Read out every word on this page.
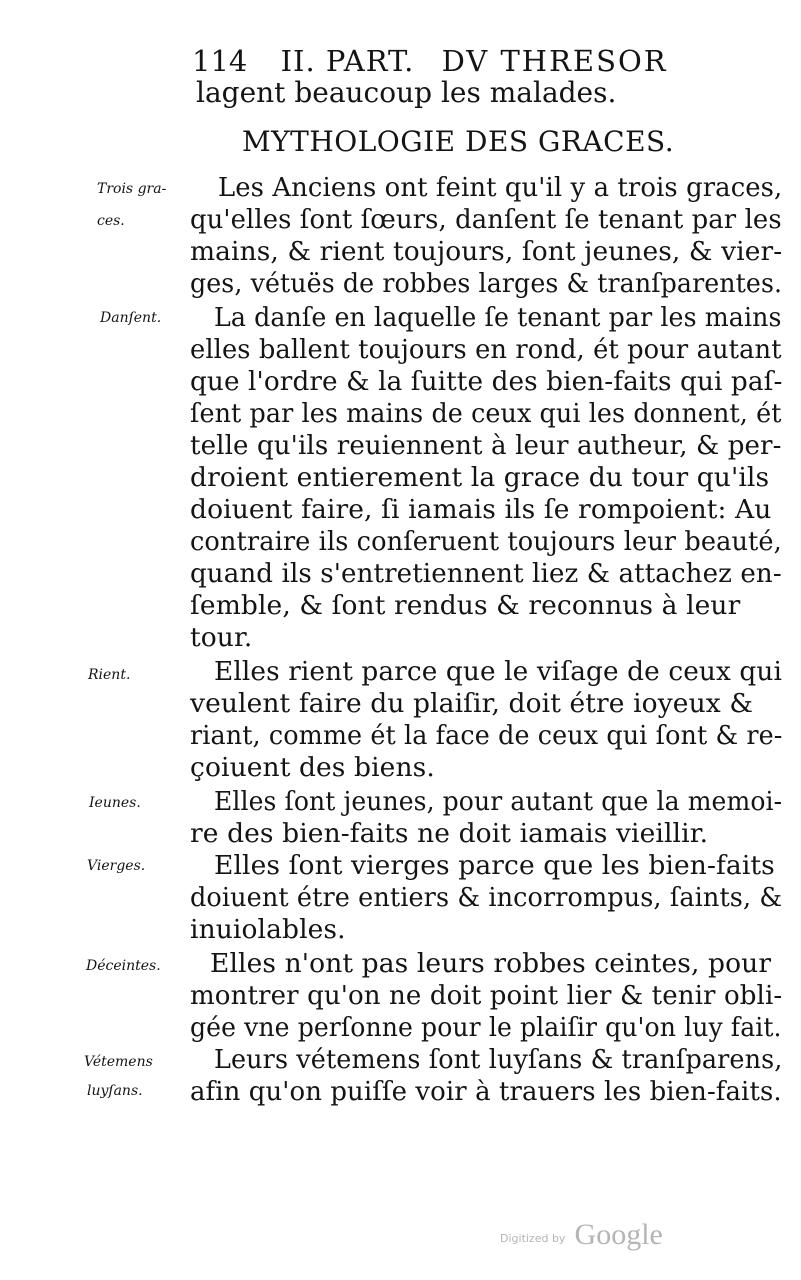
114 II. PART. DV THRESOR
lagent beaucoup les malades.
MYTHOLOGIE DES GRACES.
Trois gra-
ces.
Danſent.
Rient.
Ieunes.
Vierges.
Déceintes.
Vétemens
luyſans.
Les Anciens ont feint qu'il y a trois graces,
qu'elles ſont ſœurs, danſent ſe tenant par les
mains, & rient toujours, ſont jeunes, & vier-
ges, vétuës de robbes larges & tranſparentes.
La danſe en laquelle ſe tenant par les mains
elles ballent toujours en rond, ét pour autant
que l'ordre & la ſuitte des bien-faits qui paſ-
ſent par les mains de ceux qui les donnent, ét
telle qu'ils reuiennent à leur autheur, & per-
droient entierement la grace du tour qu'ils
doiuent faire, ſi iamais ils ſe rompoient: Au
contraire ils conſeruent toujours leur beauté,
quand ils s'entretiennent liez & attachez en-
ſemble, & ſont rendus & reconnus à leur
tour.
Elles rient parce que le viſage de ceux qui
veulent faire du plaiſir, doit étre ioyeux &
riant, comme ét la face de ceux qui ſont & re-
çoiuent des biens.
Elles ſont jeunes, pour autant que la memoi-
re des bien-faits ne doit iamais vieillir.
Elles ſont vierges parce que les bien-faits
doiuent étre entiers & incorrompus, ſaints, &
inuiolables.
Elles n'ont pas leurs robbes ceintes, pour
montrer qu'on ne doit point lier & tenir obli-
gée vne perſonne pour le plaiſir qu'on luy fait.
Leurs vétemens ſont luyſans & tranſparens,
afin qu'on puiſſe voir à trauers les bien-faits.
Digitized by Google
